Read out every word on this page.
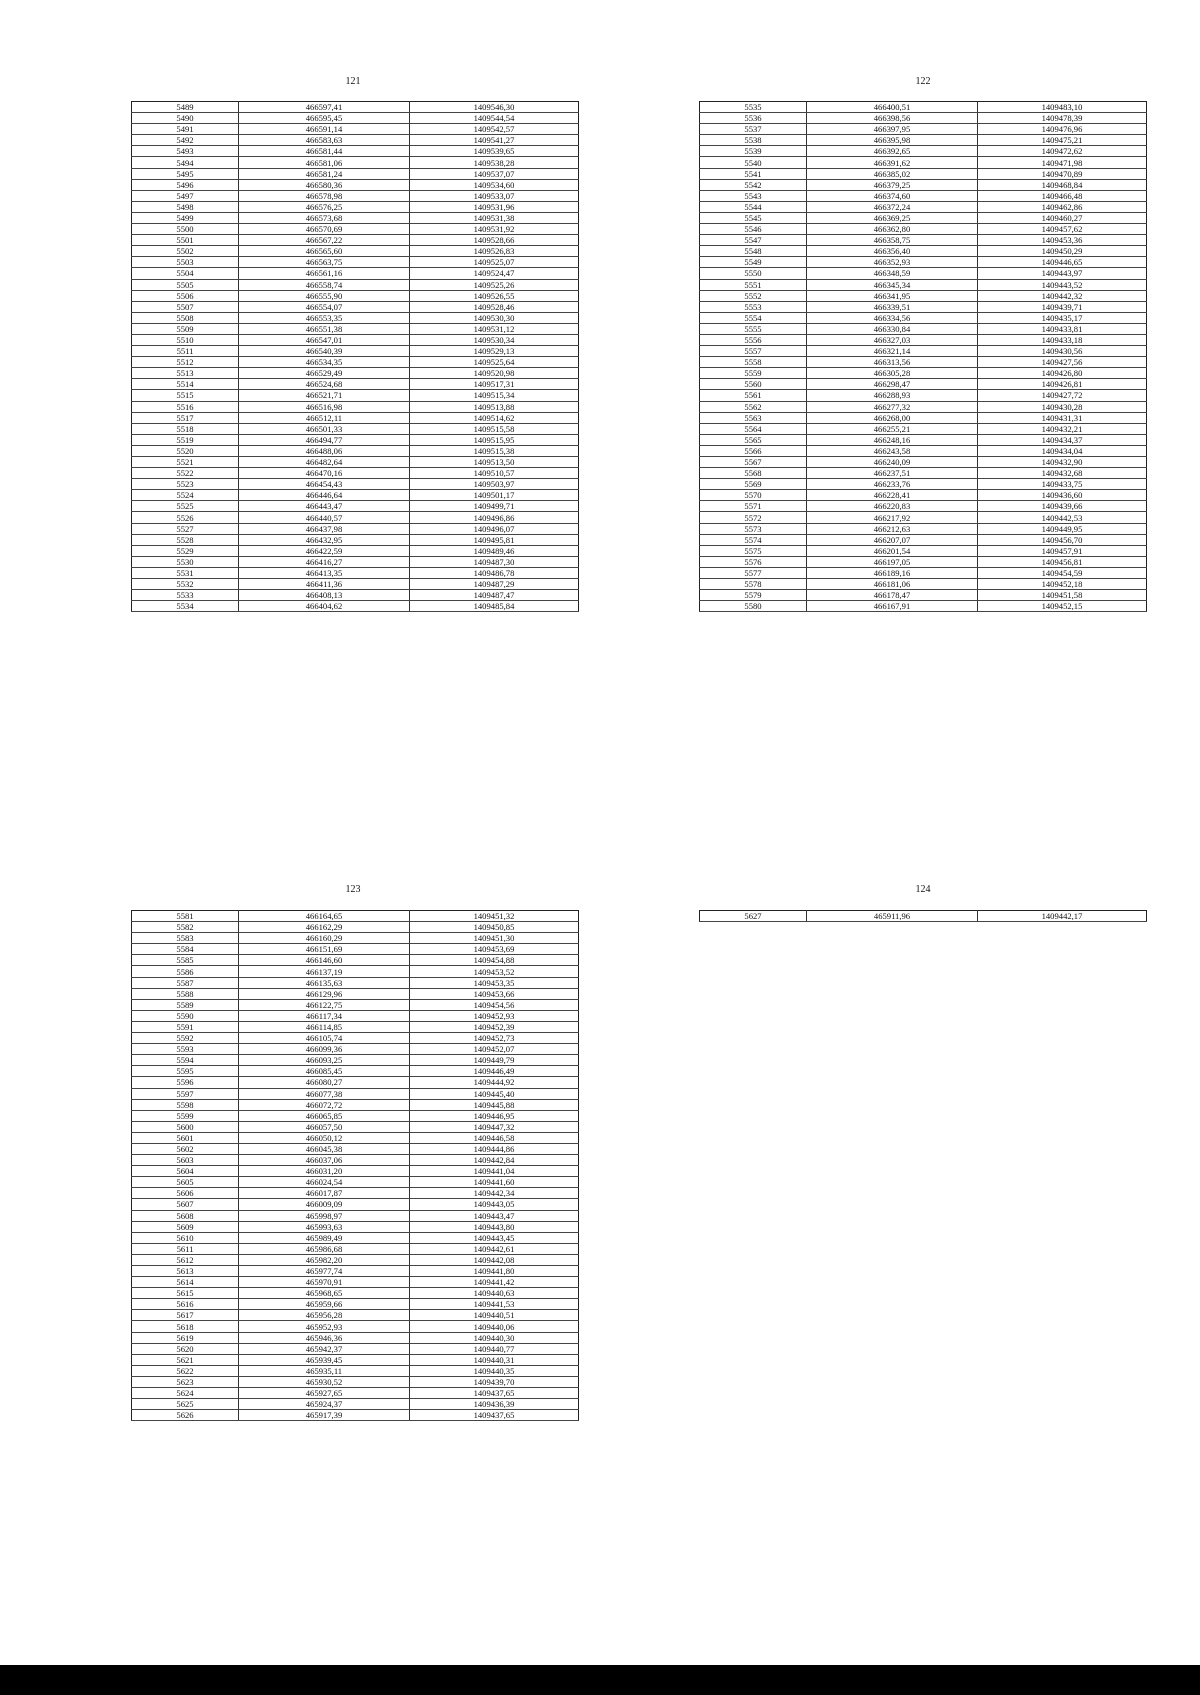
121
5489	466597,41	1409546,30
5490	466595,45	1409544,54
5491	466591,14	1409542,57
5492	466583,63	1409541,27
5493	466581,44	1409539,65
5494	466581,06	1409538,28
5495	466581,24	1409537,07
5496	466580,36	1409534,60
5497	466578,98	1409533,07
5498	466576,25	1409531,96
5499	466573,68	1409531,38
5500	466570,69	1409531,92
5501	466567,22	1409528,66
5502	466565,60	1409526,83
5503	466563,75	1409525,07
5504	466561,16	1409524,47
5505	466558,74	1409525,26
5506	466555,90	1409526,55
5507	466554,07	1409528,46
5508	466553,35	1409530,30
5509	466551,38	1409531,12
5510	466547,01	1409530,34
5511	466540,39	1409529,13
5512	466534,35	1409525,64
5513	466529,49	1409520,98
5514	466524,68	1409517,31
5515	466521,71	1409515,34
5516	466516,98	1409513,88
5517	466512,11	1409514,62
5518	466501,33	1409515,58
5519	466494,77	1409515,95
5520	466488,06	1409515,38
5521	466482,64	1409513,50
5522	466470,16	1409510,57
5523	466454,43	1409503,97
5524	466446,64	1409501,17
5525	466443,47	1409499,71
5526	466440,57	1409496,86
5527	466437,98	1409496,07
5528	466432,95	1409495,81
5529	466422,59	1409489,46
5530	466416,27	1409487,30
5531	466413,35	1409486,78
5532	466411,36	1409487,29
5533	466408,13	1409487,47
5534	466404,62	1409485,84
122
5535	466400,51	1409483,10
5536	466398,56	1409478,39
5537	466397,95	1409476,96
5538	466395,98	1409475,21
5539	466392,65	1409472,62
5540	466391,62	1409471,98
5541	466385,02	1409470,89
5542	466379,25	1409468,84
5543	466374,60	1409466,48
5544	466372,24	1409462,86
5545	466369,25	1409460,27
5546	466362,80	1409457,62
5547	466358,75	1409453,36
5548	466356,40	1409450,29
5549	466352,93	1409446,65
5550	466348,59	1409443,97
5551	466345,34	1409443,52
5552	466341,95	1409442,32
5553	466339,51	1409439,71
5554	466334,56	1409435,17
5555	466330,84	1409433,81
5556	466327,03	1409433,18
5557	466321,14	1409430,56
5558	466313,56	1409427,56
5559	466305,28	1409426,80
5560	466298,47	1409426,81
5561	466288,93	1409427,72
5562	466277,32	1409430,28
5563	466268,00	1409431,31
5564	466255,21	1409432,21
5565	466248,16	1409434,37
5566	466243,58	1409434,04
5567	466240,09	1409432,90
5568	466237,51	1409432,68
5569	466233,76	1409433,75
5570	466228,41	1409436,60
5571	466220,83	1409439,66
5572	466217,92	1409442,53
5573	466212,63	1409449,95
5574	466207,07	1409456,70
5575	466201,54	1409457,91
5576	466197,05	1409456,81
5577	466189,16	1409454,59
5578	466181,06	1409452,18
5579	466178,47	1409451,58
5580	466167,91	1409452,15
123
5581	466164,65	1409451,32
5582	466162,29	1409450,85
5583	466160,29	1409451,30
5584	466151,69	1409453,69
5585	466146,60	1409454,88
5586	466137,19	1409453,52
5587	466135,63	1409453,35
5588	466129,96	1409453,66
5589	466122,75	1409454,56
5590	466117,34	1409452,93
5591	466114,85	1409452,39
5592	466105,74	1409452,73
5593	466099,36	1409452,07
5594	466093,25	1409449,79
5595	466085,45	1409446,49
5596	466080,27	1409444,92
5597	466077,38	1409445,40
5598	466072,72	1409445,88
5599	466065,85	1409446,95
5600	466057,50	1409447,32
5601	466050,12	1409446,58
5602	466045,38	1409444,86
5603	466037,06	1409442,84
5604	466031,20	1409441,04
5605	466024,54	1409441,60
5606	466017,87	1409442,34
5607	466009,09	1409443,05
5608	465998,97	1409443,47
5609	465993,63	1409443,80
5610	465989,49	1409443,45
5611	465986,68	1409442,61
5612	465982,20	1409442,08
5613	465977,74	1409441,80
5614	465970,91	1409441,42
5615	465968,65	1409440,63
5616	465959,66	1409441,53
5617	465956,28	1409440,51
5618	465952,93	1409440,06
5619	465946,36	1409440,30
5620	465942,37	1409440,77
5621	465939,45	1409440,31
5622	465935,11	1409440,35
5623	465930,52	1409439,70
5624	465927,65	1409437,65
5625	465924,37	1409436,39
5626	465917,39	1409437,65
124
5627	465911,96	1409442,17
